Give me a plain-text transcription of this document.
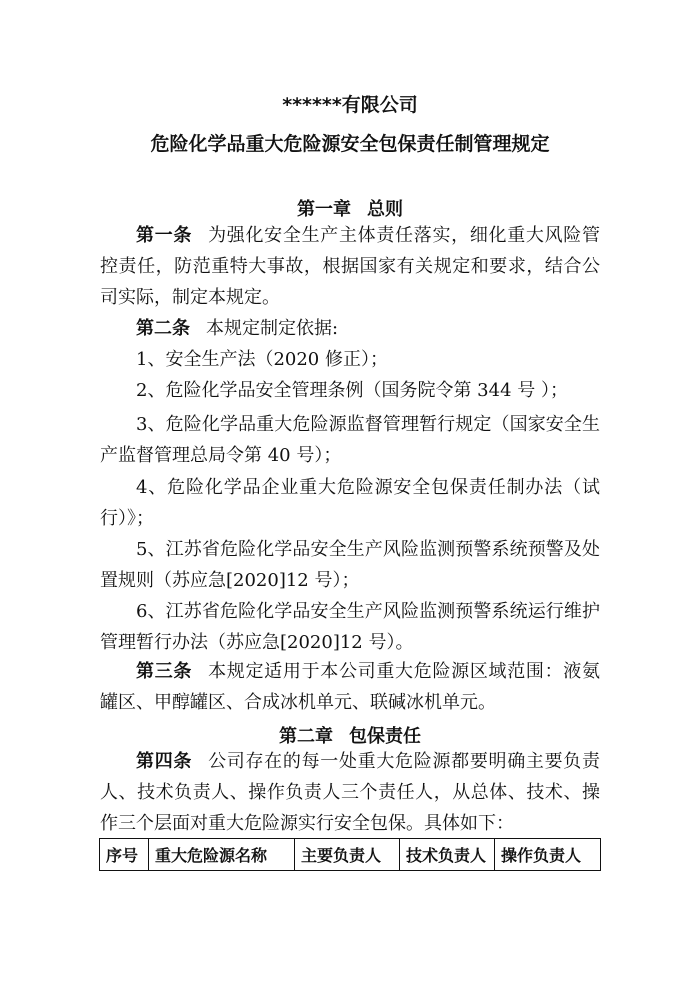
******有限公司
危险化学品重大危险源安全包保责任制管理规定
第一章 总则
第一条 为强化安全生产主体责任落实，细化重大风险管控责任，防范重特大事故，根据国家有关规定和要求，结合公司实际，制定本规定。
第二条 本规定制定依据:
1、安全生产法（2020 修正）；
2、危险化学品安全管理条例（国务院令第 344 号 ）；
3、危险化学品重大危险源监督管理暂行规定（国家安全生产监督管理总局令第 40 号）；
4、危险化学品企业重大危险源安全包保责任制办法（试行）》；
5、江苏省危险化学品安全生产风险监测预警系统预警及处置规则（苏应急[2020]12 号）；
6、江苏省危险化学品安全生产风险监测预警系统运行维护管理暂行办法（苏应急[2020]12 号）。
第三条 本规定适用于本公司重大危险源区域范围：液氨罐区、甲醇罐区、合成冰机单元、联碱冰机单元。
第二章 包保责任
第四条 公司存在的每一处重大危险源都要明确主要负责人、技术负责人、操作负责人三个责任人，从总体、技术、操作三个层面对重大危险源实行安全包保。具体如下：
序号	重大危险源名称	主要负责人	技术负责人	操作负责人
